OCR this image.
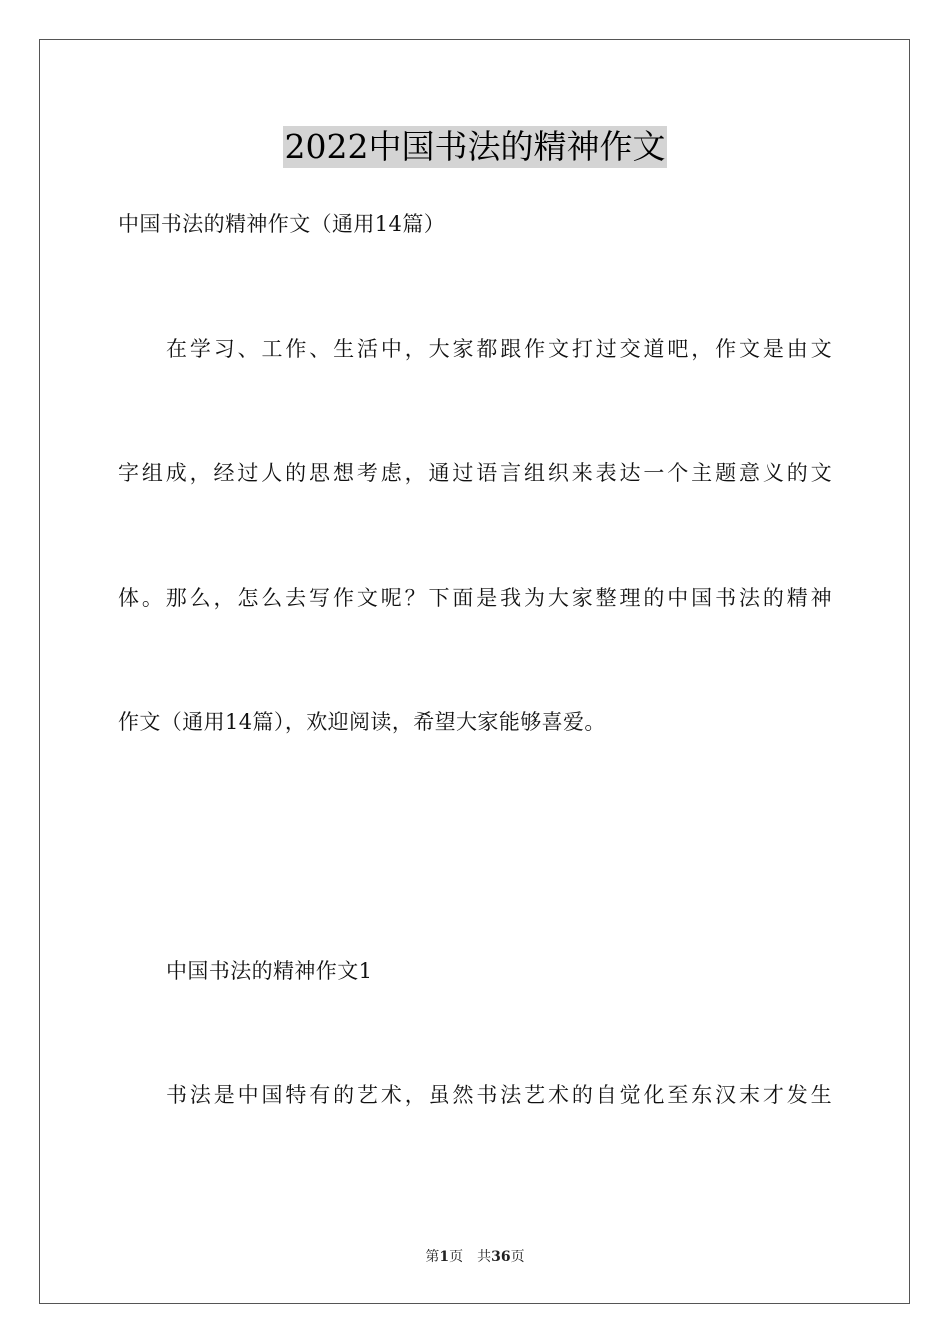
2022中国书法的精神作文
中国书法的精神作文（通用14篇）
在学习、工作、生活中，大家都跟作文打过交道吧，作文是由文
字组成，经过人的思想考虑，通过语言组织来表达一个主题意义的文
体。那么，怎么去写作文呢？下面是我为大家整理的中国书法的精神
作文（通用14篇），欢迎阅读，希望大家能够喜爱。
中国书法的精神作文1
书法是中国特有的艺术，虽然书法艺术的自觉化至东汉末才发生
第1页 共36页
